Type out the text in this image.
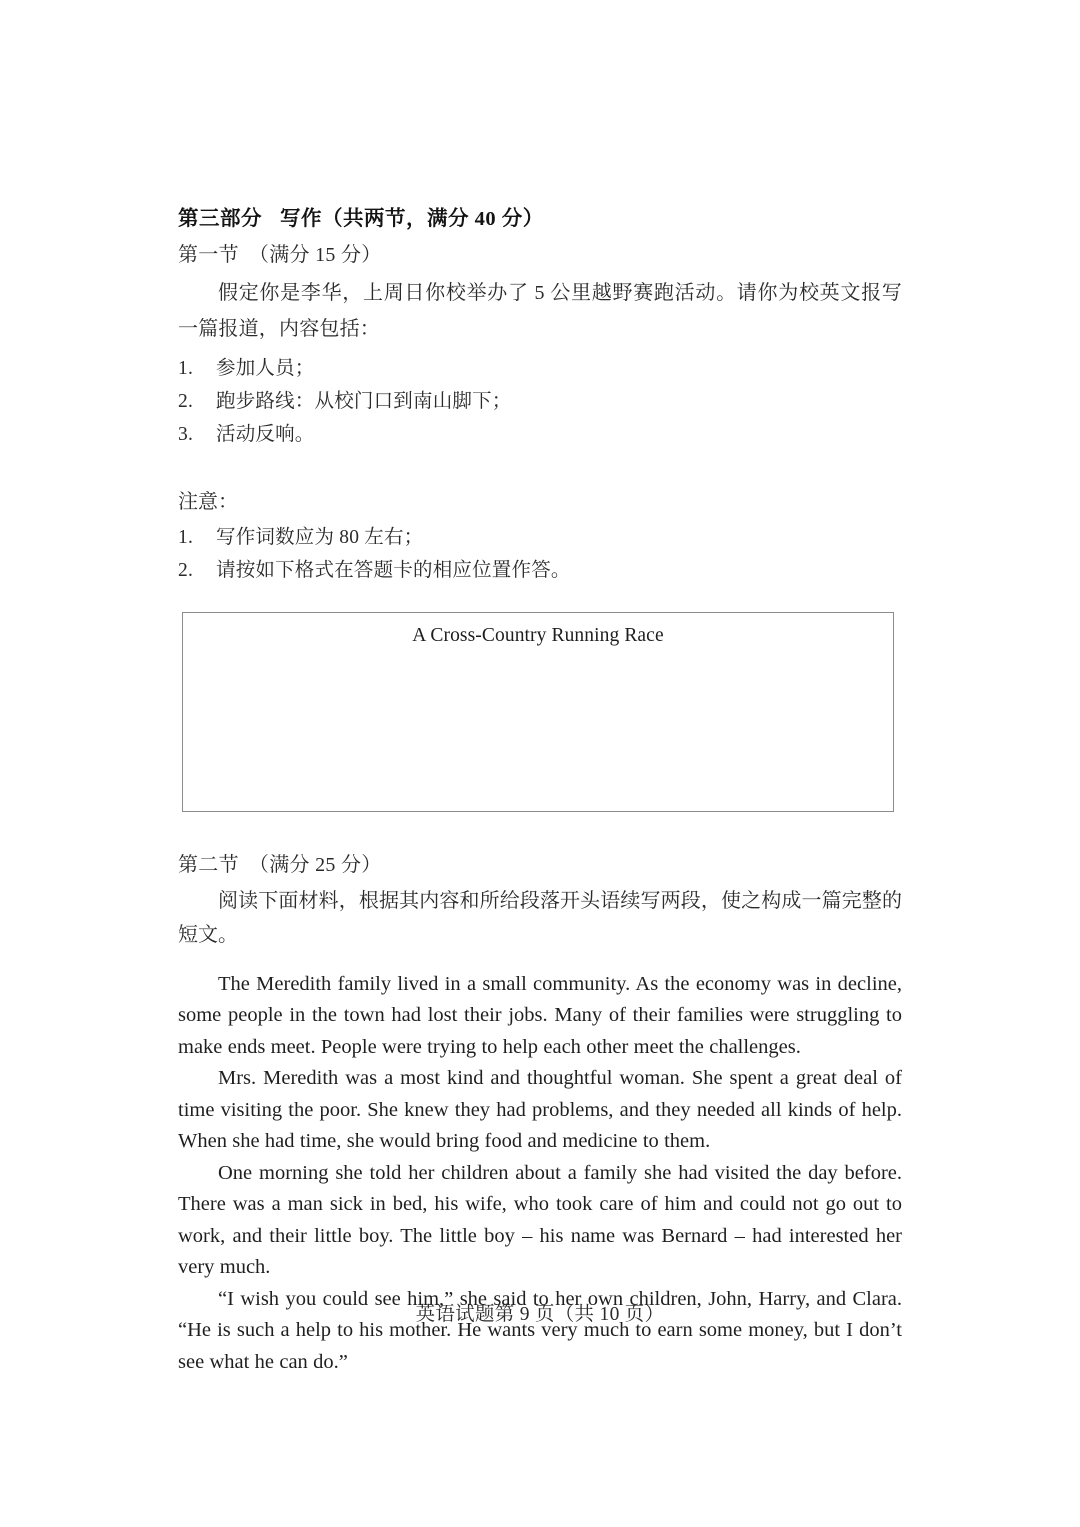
第三部分 写作（共两节，满分 40 分）
第一节 （满分 15 分）

假定你是李华，上周日你校举办了 5 公里越野赛跑活动。请你为校英文报写一篇报道，内容包括：

1.	参加人员；
2.	跑步路线：从校门口到南山脚下；
3.	活动反响。

注意：

1.	写作词数应为 80 左右；
2.	请按如下格式在答题卡的相应位置作答。
A Cross-Country Running Race
第二节 （满分 25 分）

阅读下面材料，根据其内容和所给段落开头语续写两段，使之构成一篇完整的短文。

The Meredith family lived in a small community. As the economy was in decline, some people in the town had lost their jobs. Many of their families were struggling to make ends meet. People were trying to help each other meet the challenges.

Mrs. Meredith was a most kind and thoughtful woman. She spent a great deal of time visiting the poor. She knew they had problems, and they needed all kinds of help. When she had time, she would bring food and medicine to them.

One morning she told her children about a family she had visited the day before. There was a man sick in bed, his wife, who took care of him and could not go out to work, and their little boy. The little boy – his name was Bernard – had interested her very much.

“I wish you could see him,” she said to her own children, John, Harry, and Clara. “He is such a help to his mother. He wants very much to earn some money, but I don’t see what he can do.”

英语试题第 9 页（共 10 页）
